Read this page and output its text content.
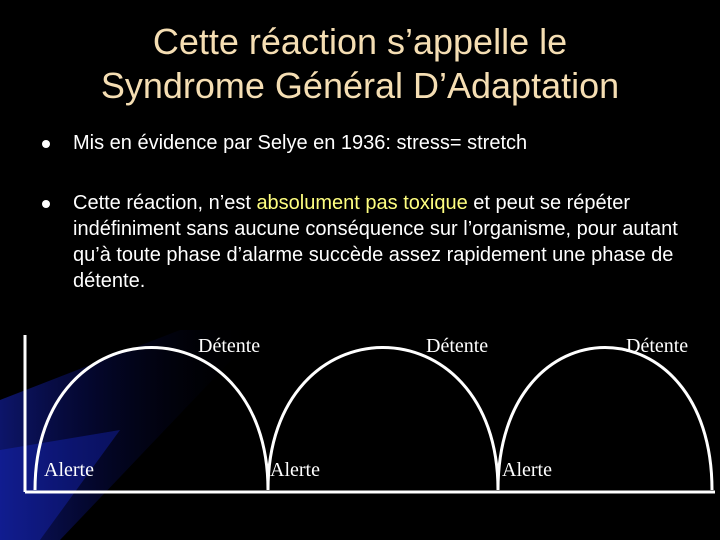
Cette réaction s’appelle le
Syndrome Général D’Adaptation
Mis en évidence par Selye en 1936: stress= stretch
Cette réaction, n’est absolument pas toxique et peut se répéter indéfiniment sans aucune conséquence sur l’organisme, pour autant qu’à toute phase d’alarme succède assez rapidement une phase de détente.
Détente	Détente	Détente
Alerte	Alerte	Alerte
